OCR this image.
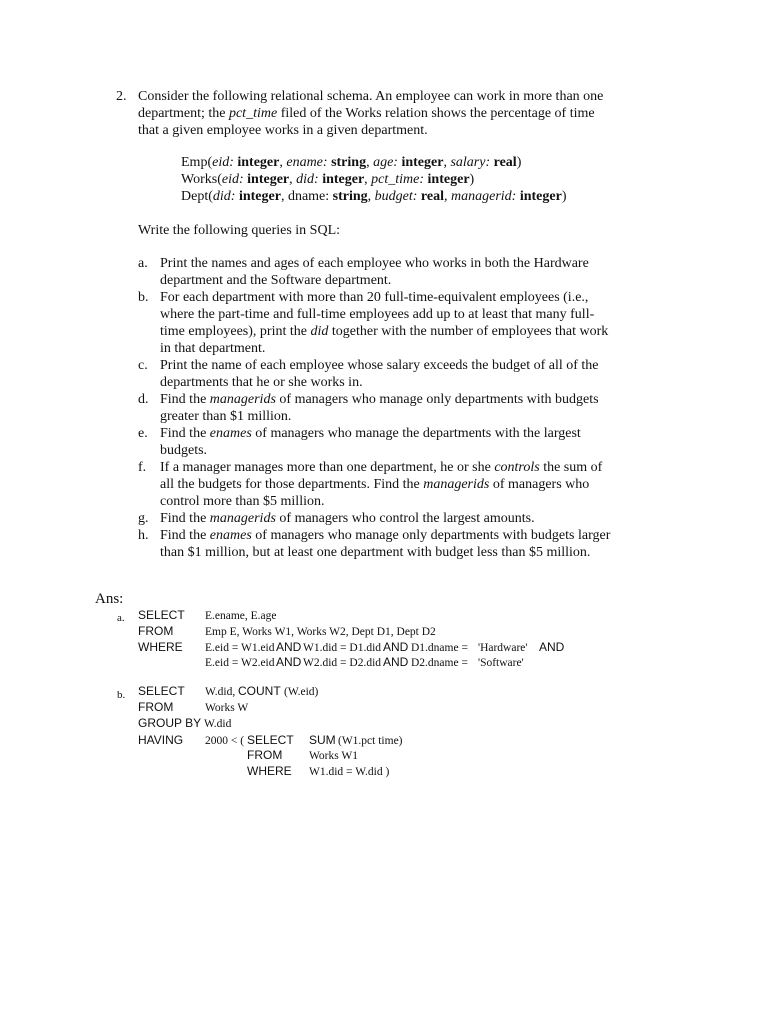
2. Consider the following relational schema. An employee can work in more than one department; the pct_time filed of the Works relation shows the percentage of time that a given employee works in a given department.
Emp(eid: integer, ename: string, age: integer, salary: real)
Works(eid: integer, did: integer, pct_time: integer)
Dept(did: integer, dname: string, budget: real, managerid: integer)
Write the following queries in SQL:
a. Print the names and ages of each employee who works in both the Hardware department and the Software department.
b. For each department with more than 20 full-time-equivalent employees (i.e., where the part-time and full-time employees add up to at least that many full-time employees), print the did together with the number of employees that work in that department.
c. Print the name of each employee whose salary exceeds the budget of all of the departments that he or she works in.
d. Find the managerids of managers who manage only departments with budgets greater than $1 million.
e. Find the enames of managers who manage the departments with the largest budgets.
f. If a manager manages more than one department, he or she controls the sum of all the budgets for those departments. Find the managerids of managers who control more than $5 million.
g. Find the managerids of managers who control the largest amounts.
h. Find the enames of managers who manage only departments with budgets larger than $1 million, but at least one department with budget less than $5 million.
Ans:
a. SELECT E.ename, E.age
FROM	Emp E, Works W1, Works W2, Dept D1, Dept D2
WHERE E.eid = W1.eid AND W1.did = D1.did AND D1.dname = 'Hardware' AND
E.eid = W2.eid AND W2.did = D2.did AND D2.dname = 'Software'
b. SELECT W.did, COUNT (W.eid)
FROM	Works W
GROUP BY W.did
HAVING 2000 < ( SELECT SUM (W1.pct time)
FROM Works W1
WHERE W1.did = W.did )
